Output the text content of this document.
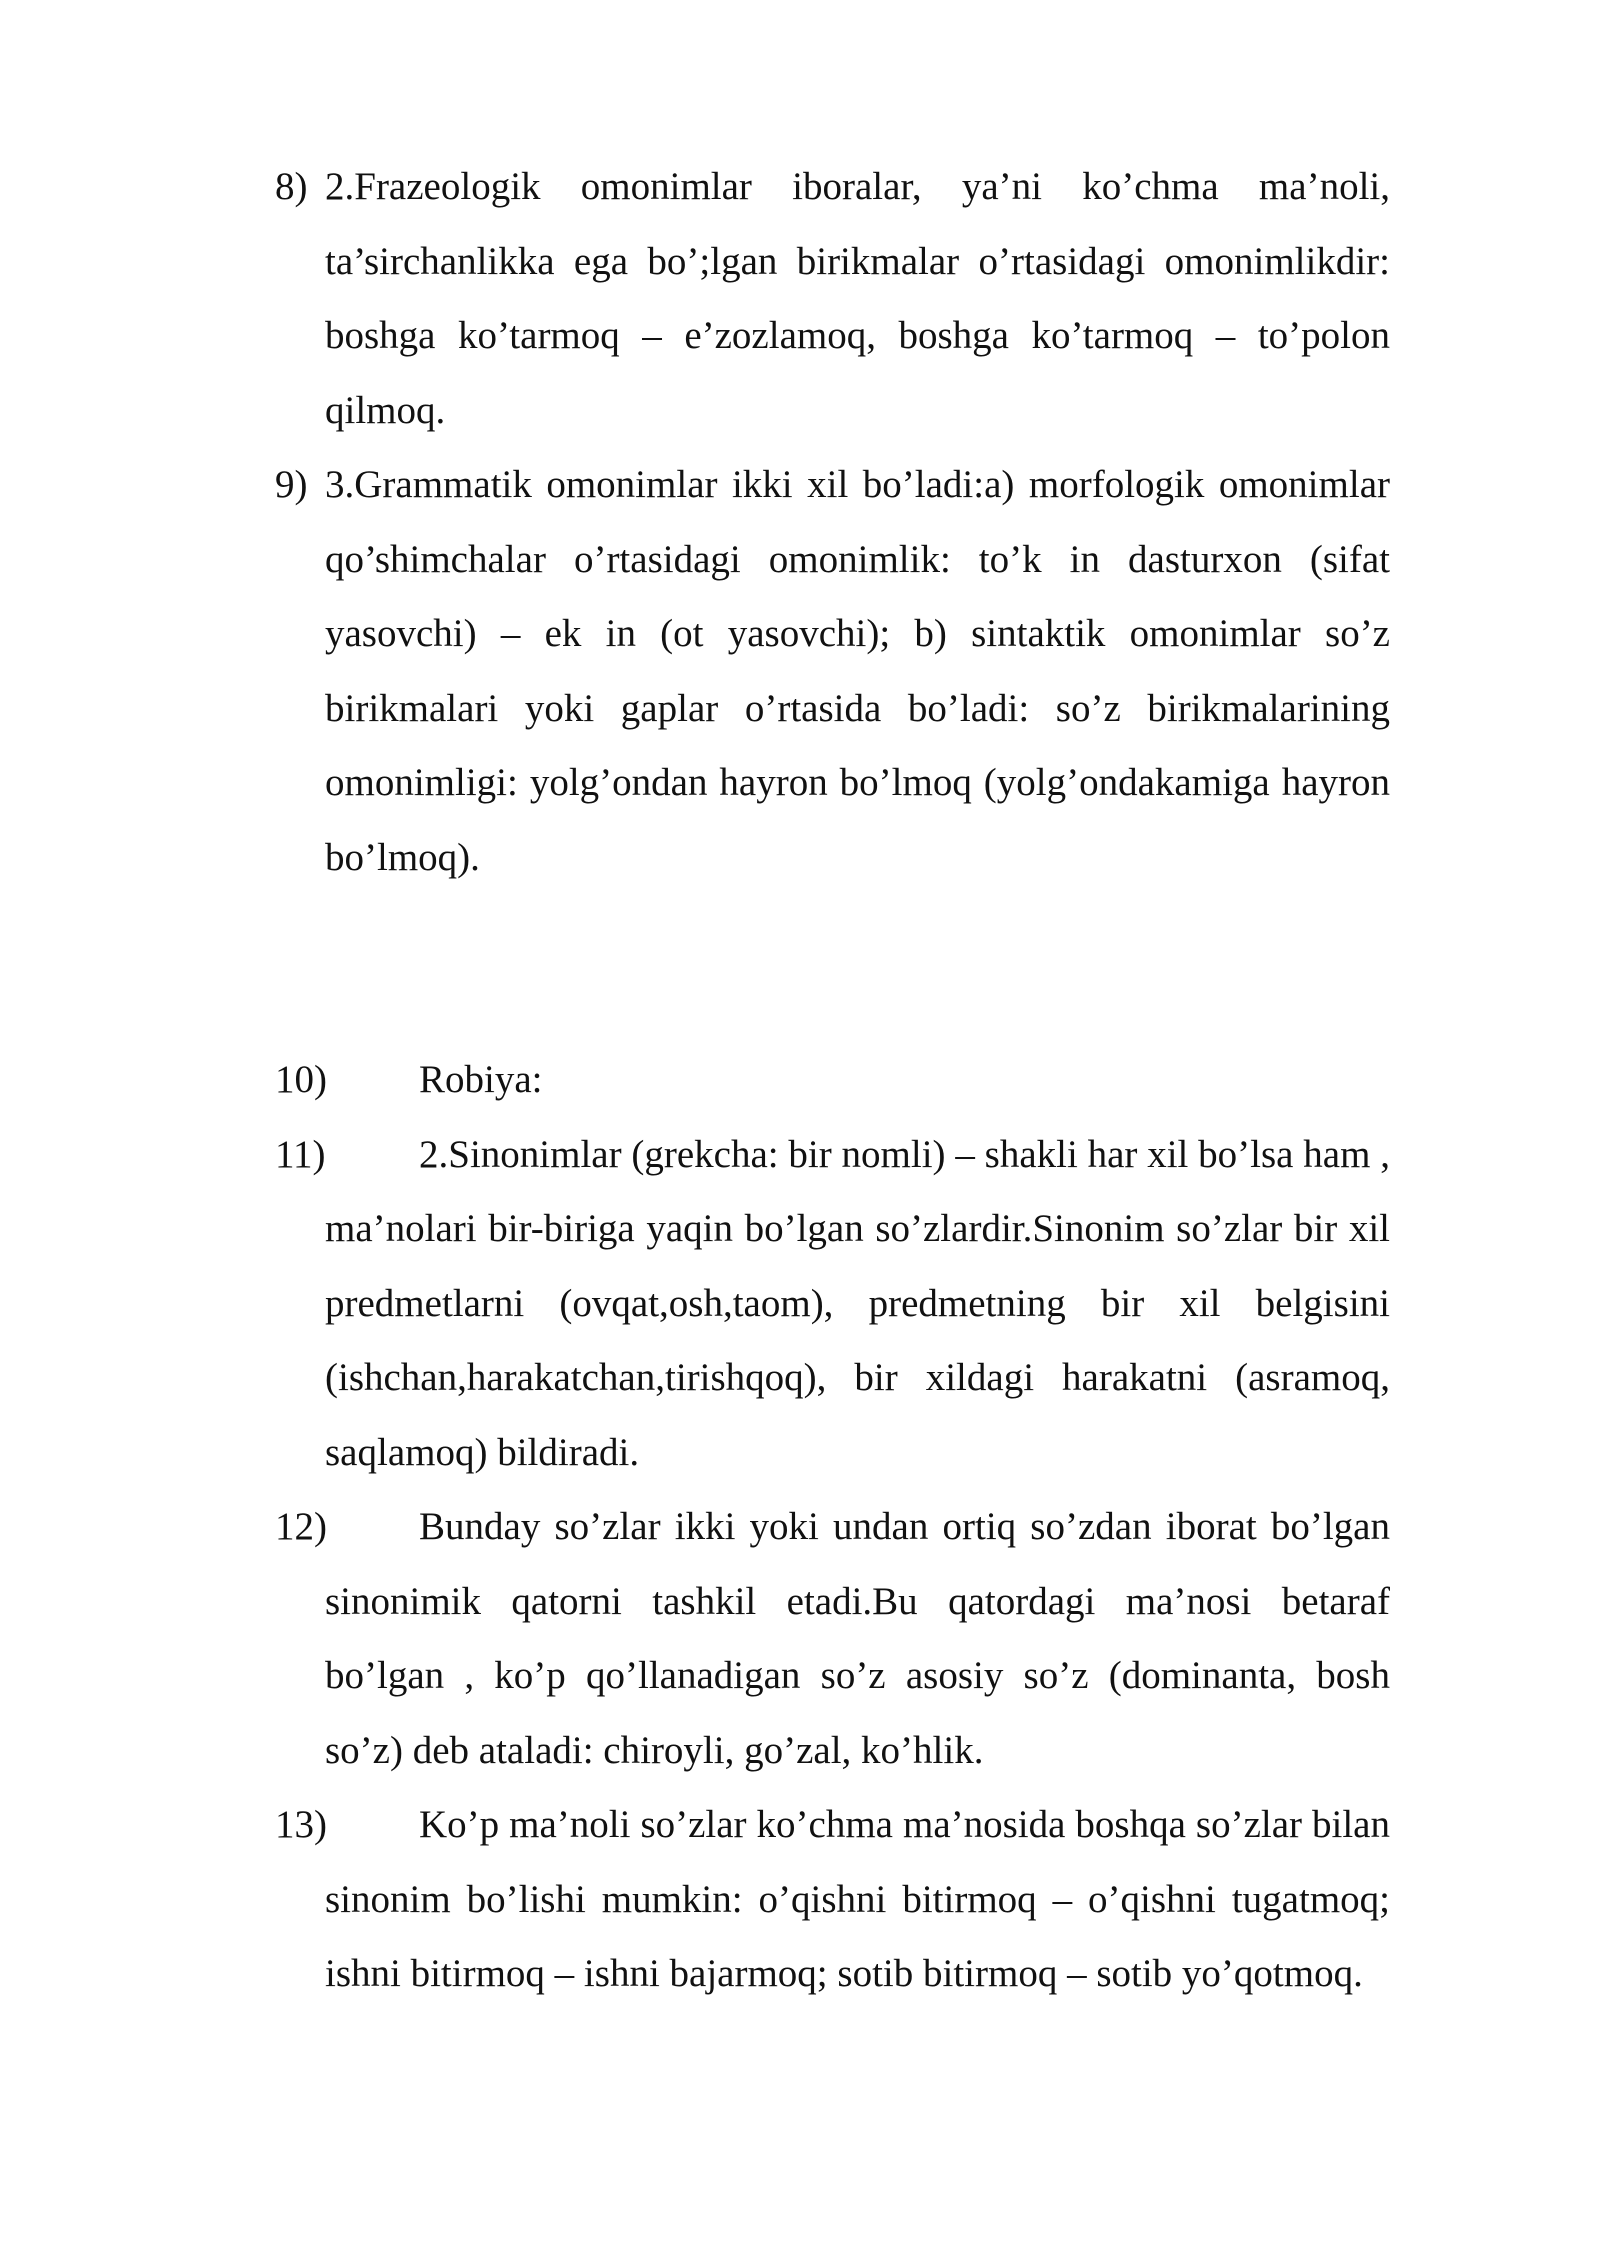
8) 2.Frazeologik omonimlar iboralar, ya’ni ko’chma ma’noli, ta’sirchanlikka ega bo’;lgan birikmalar o’rtasidagi omonimlikdir: boshga ko’tarmoq – e’zozlamoq, boshga ko’tarmoq – to’polon qilmoq.
9) 3.Grammatik omonimlar ikki xil bo’ladi:a) morfologik omonimlar qo’shimchalar o’rtasidagi omonimlik: to’k in dasturxon (sifat yasovchi) – ek in (ot yasovchi); b) sintaktik omonimlar so’z birikmalari yoki gaplar o’rtasida bo’ladi: so’z birikmalarining omonimligi: yolg’ondan hayron bo’lmoq (yolg’ondakamiga hayron bo’lmoq).
10) Robiya:
11) 2.Sinonimlar (grekcha: bir nomli) – shakli har xil bo’lsa ham , ma’nolari bir-biriga yaqin bo’lgan so’zlardir.Sinonim so’zlar bir xil predmetlarni (ovqat,osh,taom), predmetning bir xil belgisini (ishchan,harakatchan,tirishqoq), bir xildagi harakatni (asramoq, saqlamoq) bildiradi.
12) Bunday so’zlar ikki yoki undan ortiq so’zdan iborat bo’lgan sinonimik qatorni tashkil etadi.Bu qatordagi ma’nosi betaraf bo’lgan , ko’p qo’llanadigan so’z asosiy so’z (dominanta, bosh so’z) deb ataladi: chiroyli, go’zal, ko’hlik.
13) Ko’p ma’noli so’zlar ko’chma ma’nosida boshqa so’zlar bilan sinonim bo’lishi mumkin: o’qishni bitirmoq – o’qishni tugatmoq; ishni bitirmoq – ishni bajarmoq; sotib bitirmoq – sotib yo’qotmoq.
